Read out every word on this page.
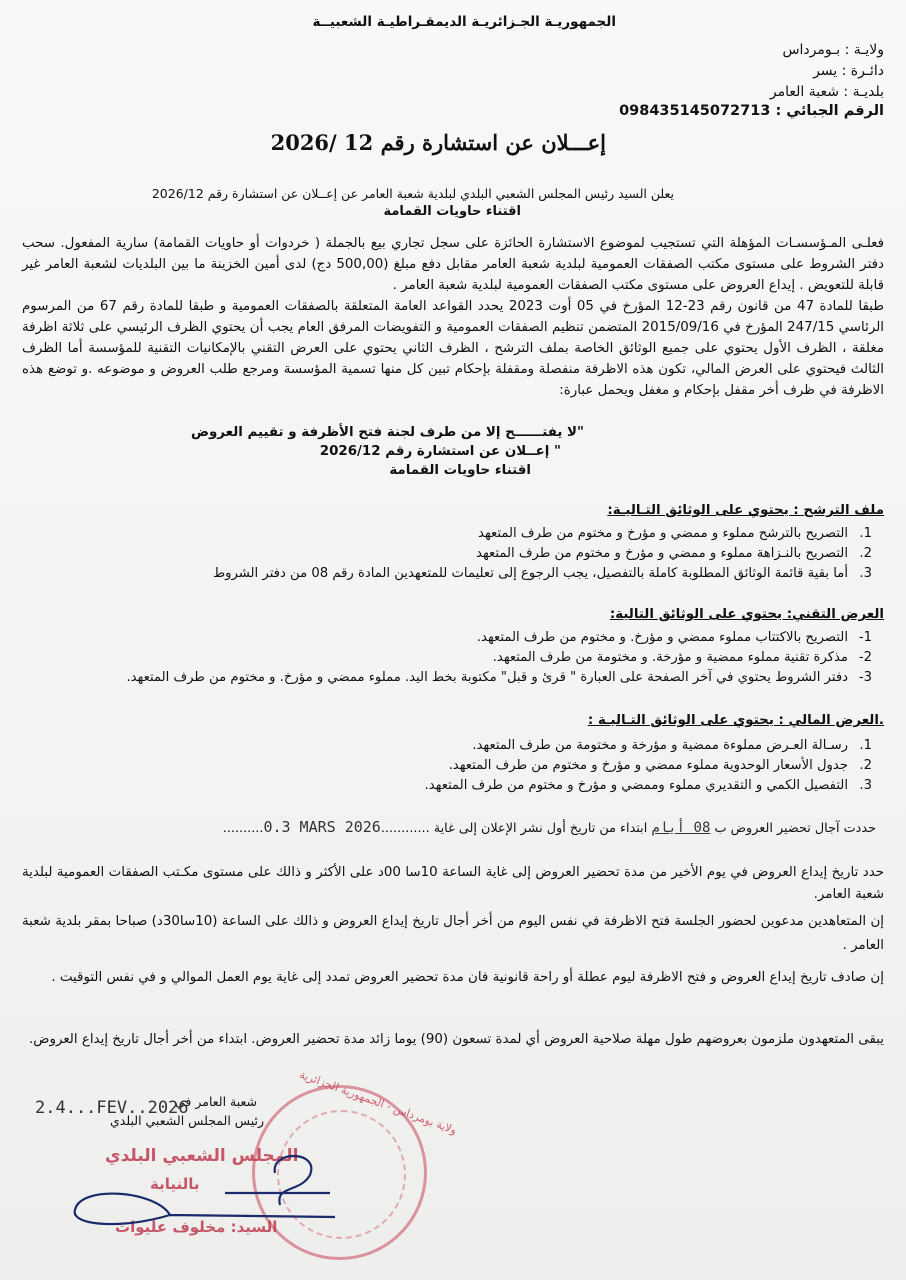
الجمهوريـة الجـزائريـة الديمقـراطيـة الشعبيــة
ولايـة : بـومرداس
دائـرة : يسر
بلديـة : شعبة العامر
الرقم الجبائي : 098435145072713
إعـــلان عن استشارة رقم 12 /2026
يعلن السيد رئيس المجلس الشعبي البلدي لبلدية شعبة العامر عن إعــلان عن استشارة رقم 2026/12
اقتناء حاويات القمامة
فعلـى المـؤسسـات المؤهلة التي تستجيب لموضوع الاستشارة الحائزة على سجل تجاري بيع بالجملة ( خردوات أو حاويات القمامة) سارية المفعول. سحب دفتر الشروط على مستوى مكتب الصفقات العمومية لبلدية شعبة العامر مقابل دفع مبلغ (500,00 دج) لدى أمين الخزينة ما بين البلديات لشعبة العامر غير قابلة للتعويض . إيداع العروض على مستوى مكتب الصفقات العمومية لبلدية شعبة العامر .
طبقا للمادة 47 من قانون رقم 23-12 المؤرخ في 05 أوت 2023 يحدد القواعد العامة المتعلقة بالصفقات العمومية و طبقا للمادة رقم 67 من المرسوم الرئاسي 247/15 المؤرخ في 2015/09/16 المتضمن تنظيم الصفقات العمومية و التفويضات المرفق العام يجب أن يحتوي الظرف الرئيسي على ثلاثة اظرفة مغلقة ، الظرف الأول يحتوي على جميع الوثائق الخاصة بملف الترشح ، الظرف الثاني يحتوي على العرض التقني بالإمكانيات التقنية للمؤسسة أما الظرف الثالث فيحتوي على العرض المالي، تكون هذه الاظرفة منفصلة ومقفلة بإحكام تبين كل منها تسمية المؤسسة ومرجع طلب العروض و موضوعه .و توضع هذه الاظرفة في ظرف أخر مقفل بإحكام و مغفل ويحمل عبارة:
"لا يفتــــــح إلا من طرف لجنة فتح الأظرفة و تقييم العروض
" إعــلان عن استشارة رقم 2026/12
اقتناء حاويات القمامة
ملف الترشح : يحتوي على الوثائق التـاليـة:
1.التصريح بالترشح مملوء و ممضي و مؤرخ و مختوم من طرف المتعهد
2.التصريح بالنـزاهة مملوء و ممضي و مؤرخ و مختوم من طرف المتعهد
3.أما بقية قائمة الوثائق المطلوبة كاملة بالتفصيل، يجب الرجوع إلى تعليمات للمتعهدين المادة رقم 08 من دفتر الشروط
العرض التقني: يحتوي على الوثائق التالية:
1-التصريح بالاكتتاب مملوء ممضي و مؤرخ. و مختوم من طرف المتعهد.
2-مذكرة تقنية مملوء ممضية و مؤرخة. و مختومة من طرف المتعهد.
3-دفتر الشروط يحتوي في آخر الصفحة على العبارة " قرئ و قبل" مكتوبة بخط اليد. مملوء ممضي و مؤرخ. و مختوم من طرف المتعهد.
.العرض المالي : يحتوي على الوثائق التـاليـة :
1.رسـالة العـرض مملوءة ممضية و مؤرخة و مختومة من طرف المتعهد.
2.جدول الأسعار الوحدوية مملوء ممضي و مؤرخ و مختوم من طرف المتعهد.
3.التفصيل الكمي و التقديري مملوء وممضي و مؤرخ و مختوم من طرف المتعهد.
حددت آجال تحضير العروض ب 08 أيام ابتداء من تاريخ أول نشر الإعلان إلى غاية ............0.3 MARS 2026..........
حدد تاريخ إيداع العروض في يوم الأخير من مدة تحضير العروض إلى غاية الساعة 10سا 00د على الأكثر و ذالك على مستوى مكـتب الصفقات العمومية لبلدية شعبة العامر.
إن المتعاهدين مدعوين لحضور الجلسة فتح الاظرفة في نفس اليوم من أخر أجال تاريخ إيداع العروض و ذالك على الساعة (10سا30د) صباحا بمقر بلدية شعبة العامر .
إن صادف تاريخ إيداع العروض و فتح الاظرفة ليوم عطلة أو راحة قانونية فان مدة تحضير العروض تمدد إلى غاية يوم العمل الموالي و في نفس التوقيت .
يبقى المتعهدون ملزمون بعروضهم طول مهلة صلاحية العروض أي لمدة تسعون (90) يوما زائد مدة تحضير العروض. ابتداء من أخر أجال تاريخ إيداع العروض.
شعبة العامر في
2.4...FEV..2026
رئيس المجلس الشعبي البلدي	ولاية بومرداس - الجمهورية الجزائرية
المجلس الشعبي البلدي
بالنيابة
السيد: مخلوف عليوات
